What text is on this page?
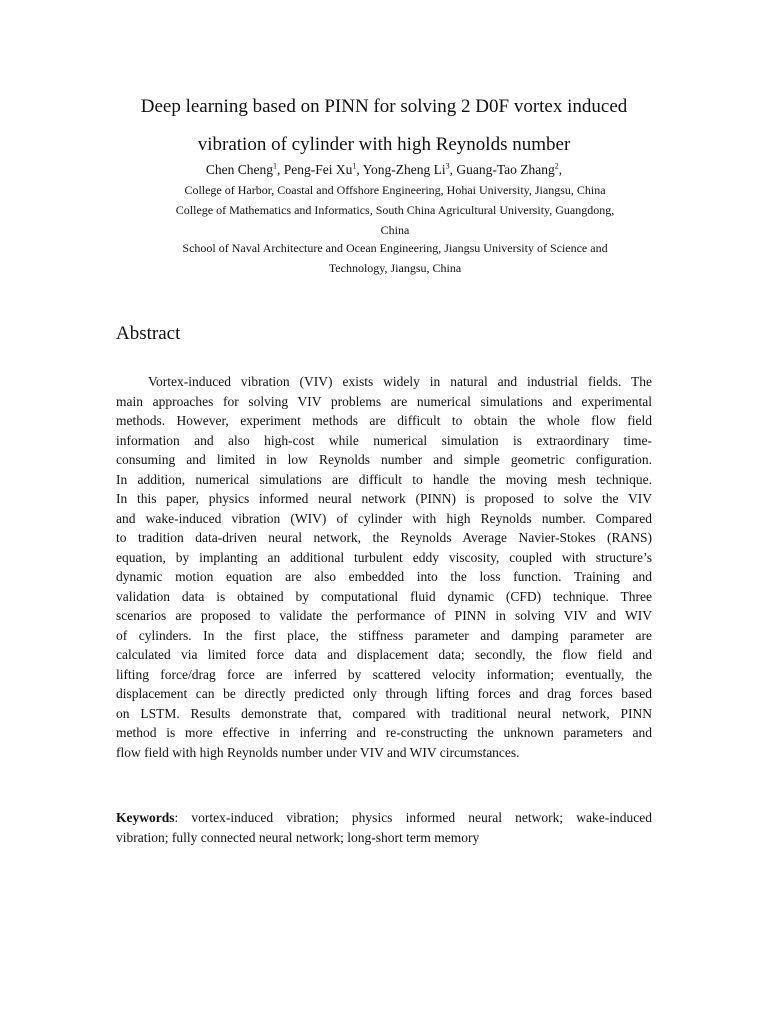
Deep learning based on PINN for solving 2 D0F vortex induced
vibration of cylinder with high Reynolds number
Chen Cheng$^1$, Peng-Fei Xu$^1$, Yong-Zheng Li$^3$, Guang-Tao Zhang$^2$,
College of Harbor, Coastal and Offshore Engineering, Hohai University, Jiangsu, China
College of Mathematics and Informatics, South China Agricultural University, Guangdong,
China
School of Naval Architecture and Ocean Engineering, Jiangsu University of Science and
Technology, Jiangsu, China
Abstract
Vortex-induced vibration (VIV) exists widely in natural and industrial fields. The
main approaches for solving VIV problems are numerical simulations and experimental
methods. However, experiment methods are difficult to obtain the whole flow field
information and also high-cost while numerical simulation is extraordinary time-
consuming and limited in low Reynolds number and simple geometric configuration.
In addition, numerical simulations are difficult to handle the moving mesh technique.
In this paper, physics informed neural network (PINN) is proposed to solve the VIV
and wake-induced vibration (WIV) of cylinder with high Reynolds number. Compared
to tradition data-driven neural network, the Reynolds Average Navier-Stokes (RANS)
equation, by implanting an additional turbulent eddy viscosity, coupled with structure’s
dynamic motion equation are also embedded into the loss function. Training and
validation data is obtained by computational fluid dynamic (CFD) technique. Three
scenarios are proposed to validate the performance of PINN in solving VIV and WIV
of cylinders. In the first place, the stiffness parameter and damping parameter are
calculated via limited force data and displacement data; secondly, the flow field and
lifting force/drag force are inferred by scattered velocity information; eventually, the
displacement can be directly predicted only through lifting forces and drag forces based
on LSTM. Results demonstrate that, compared with traditional neural network, PINN
method is more effective in inferring and re-constructing the unknown parameters and
flow field with high Reynolds number under VIV and WIV circumstances.
Keywords: vortex-induced vibration; physics informed neural network; wake-induced
vibration; fully connected neural network; long-short term memory
